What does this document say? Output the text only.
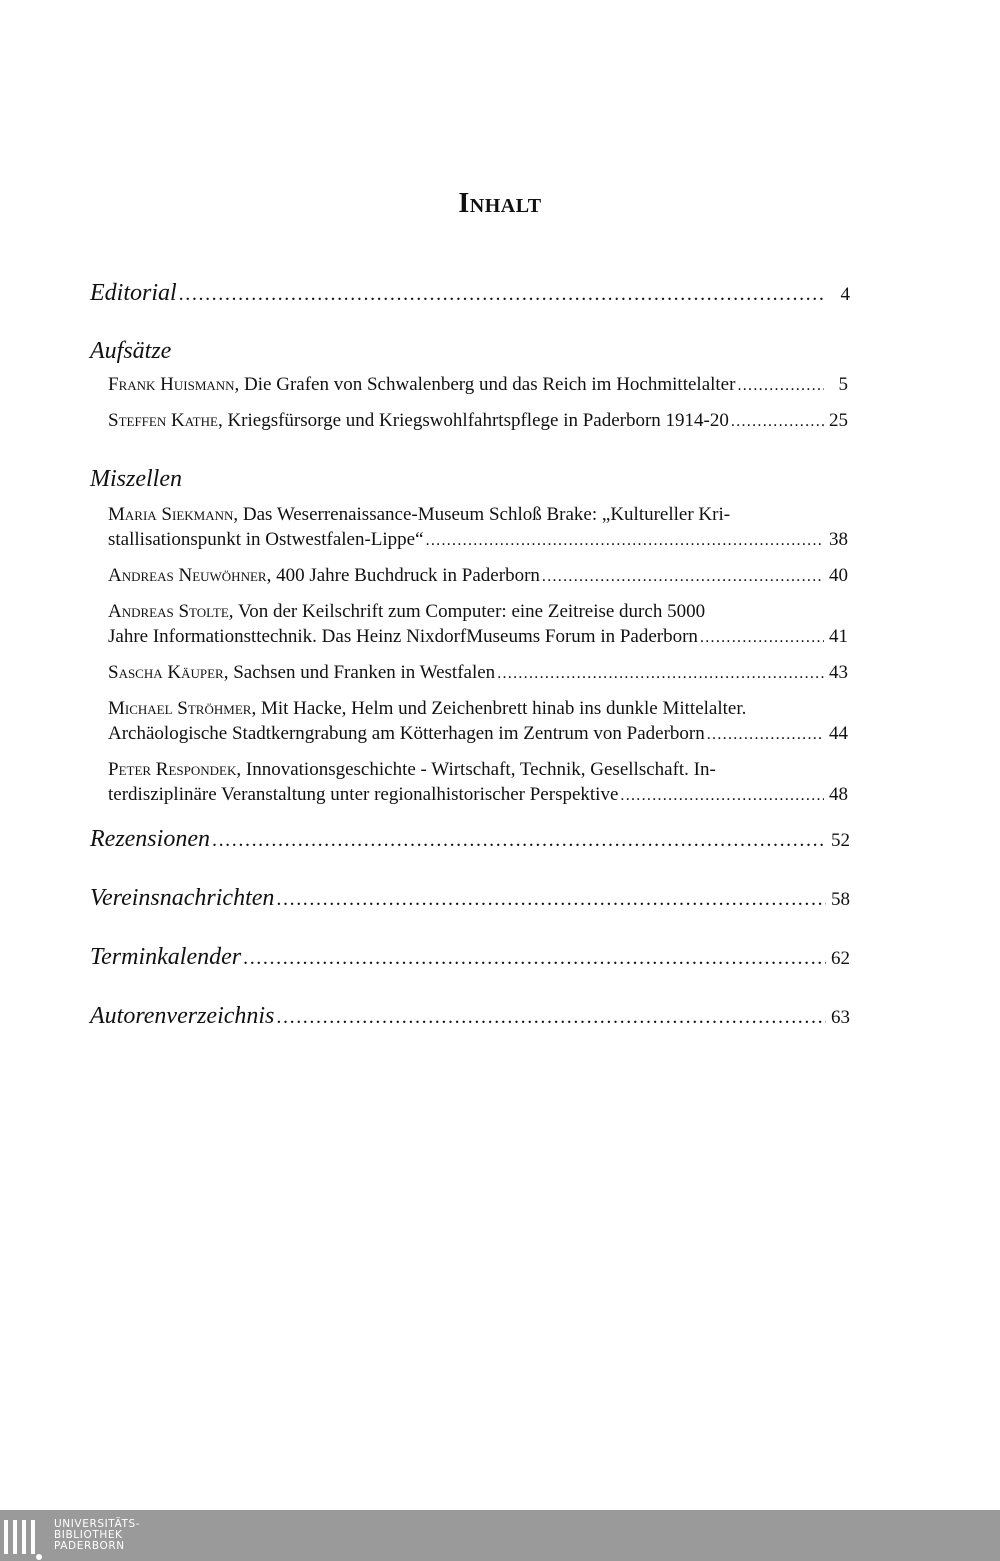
Inhalt
Editorial .....	4
Aufsätze
Frank Huismann, Die Grafen von Schwalenberg und das Reich im Hochmittelalter .....	5
Steffen Kathe, Kriegsfürsorge und Kriegswohlfahrtspflege in Paderborn 1914-20 .....	25
Miszellen
Maria Siekmann, Das Weserrenaissance-Museum Schloß Brake: „Kultureller Kri-
stallisationspunkt in Ostwestfalen-Lippe“ .....	38
Andreas Neuwöhner, 400 Jahre Buchdruck in Paderborn .....	40
Andreas Stolte, Von der Keilschrift zum Computer: eine Zeitreise durch 5000
Jahre Informationsttechnik. Das Heinz NixdorfMuseums Forum in Paderborn .....	41
Sascha Käuper, Sachsen und Franken in Westfalen .....	43
Michael Ströhmer, Mit Hacke, Helm und Zeichenbrett hinab ins dunkle Mittelalter.
Archäologische Stadtkerngrabung am Kötterhagen im Zentrum von Paderborn .....	44
Peter Respondek, Innovationsgeschichte - Wirtschaft, Technik, Gesellschaft. In-
terdisziplinäre Veranstaltung unter regionalhistorischer Perspektive .....	48
Rezensionen .....	52
Vereinsnachrichten .....	58
Terminkalender .....	62
Autorenverzeichnis .....	63
UNIVERSITÄTS-
BIBLIOTHEK
PADERBORN
